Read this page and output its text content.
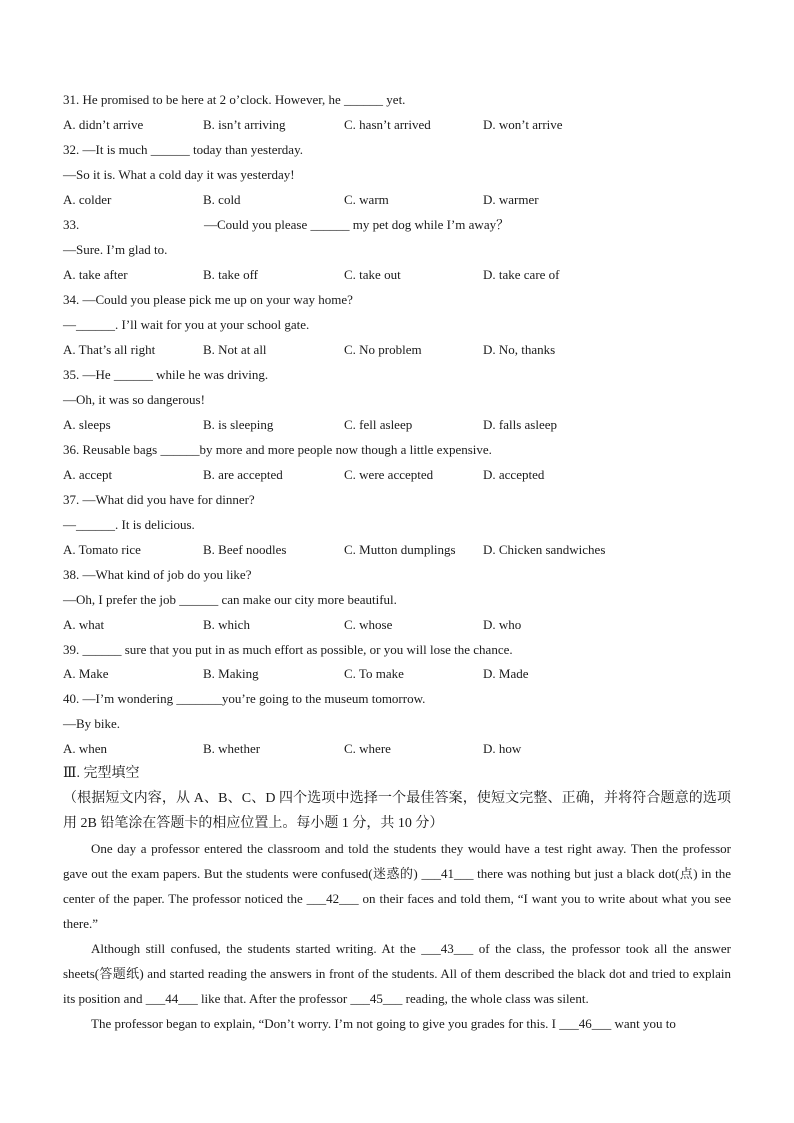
31. He promised to be here at 2 o’clock. However, he ______ yet.
A. didn’t arrive	B. isn’t arriving	C. hasn’t arrived	D. won’t arrive
32. —It is much ______ today than yesterday.
—So it is. What a cold day it was yesterday!
A. colder	B. cold	C. warm	D. warmer
33.	—Could you please ______ my pet dog while I’m away？
—Sure. I’m glad to.
A. take after	B. take off	C. take out	D. take care of
34. —Could you please pick me up on your way home?
—______. I’ll wait for you at your school gate.
A. That’s all right	B. Not at all	C. No problem	D. No, thanks
35. —He ______ while he was driving.
—Oh, it was so dangerous!
A. sleeps	B. is sleeping	C. fell asleep	D. falls asleep
36. Reusable bags ______by more and more people now though a little expensive.
A. accept	B. are accepted	C. were accepted	D. accepted
37. —What did you have for dinner?
—______. It is delicious.
A. Tomato rice	B. Beef noodles	C. Mutton dumplings D. Chicken sandwiches
38. —What kind of job do you like?
—Oh, I prefer the job ______ can make our city more beautiful.
A. what	B. which	C. whose	D. who
39. ______ sure that you put in as much effort as possible, or you will lose the chance.
A. Make	B. Making	C. To make	D. Made
40. —I’m wondering _______you’re going to the museum tomorrow.
—By bike.
A. when	B. whether	C. where	D. how
Ⅲ. 完型填空
（根据短文内容，从 A、B、C、D 四个选项中选择一个最佳答案，使短文完整、正确，并将符合题意的选项用 2B 铅笔涂在答题卡的相应位置上。每小题 1 分，共 10 分）
One day a professor entered the classroom and told the students they would have a test right away. Then the professor gave out the exam papers. But the students were confused(迷惑的) ___41___ there was nothing but just a black dot(点) in the center of the paper. The professor noticed the ___42___ on their faces and told them, “I want you to write about what you see there.”
Although still confused, the students started writing. At the ___43___ of the class, the professor took all the answer sheets(答题纸) and started reading the answers in front of the students. All of them described the black dot and tried to explain its position and ___44___ like that. After the professor ___45___ reading, the whole class was silent.
The professor began to explain, “Don’t worry. I’m not going to give you grades for this. I ___46___ want you to
